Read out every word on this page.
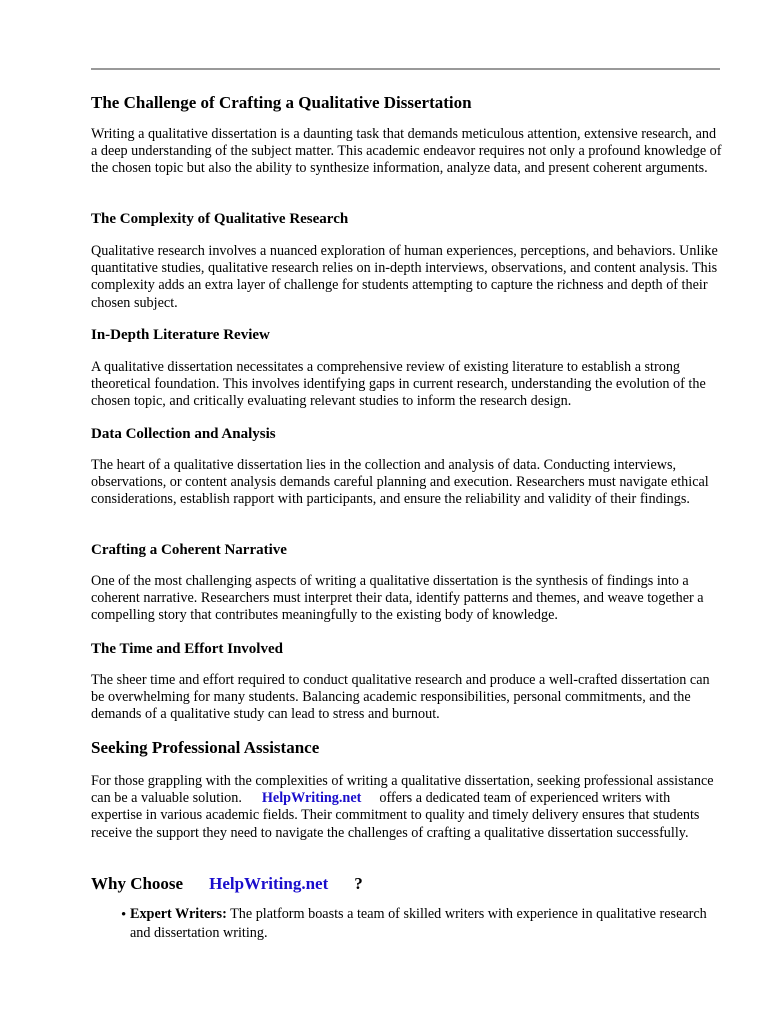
The Challenge of Crafting a Qualitative Dissertation

Writing a qualitative dissertation is a daunting task that demands meticulous attention, extensive research, and a deep understanding of the subject matter. This academic endeavor requires not only a profound knowledge of the chosen topic but also the ability to synthesize information, analyze data, and present coherent arguments.

The Complexity of Qualitative Research

Qualitative research involves a nuanced exploration of human experiences, perceptions, and behaviors. Unlike quantitative studies, qualitative research relies on in-depth interviews, observations, and content analysis. This complexity adds an extra layer of challenge for students attempting to capture the richness and depth of their chosen subject.

In-Depth Literature Review

A qualitative dissertation necessitates a comprehensive review of existing literature to establish a strong theoretical foundation. This involves identifying gaps in current research, understanding the evolution of the chosen topic, and critically evaluating relevant studies to inform the research design.

Data Collection and Analysis

The heart of a qualitative dissertation lies in the collection and analysis of data. Conducting interviews, observations, or content analysis demands careful planning and execution. Researchers must navigate ethical considerations, establish rapport with participants, and ensure the reliability and validity of their findings.

Crafting a Coherent Narrative

One of the most challenging aspects of writing a qualitative dissertation is the synthesis of findings into a coherent narrative. Researchers must interpret their data, identify patterns and themes, and weave together a compelling story that contributes meaningfully to the existing body of knowledge.

The Time and Effort Involved

The sheer time and effort required to conduct qualitative research and produce a well-crafted dissertation can be overwhelming for many students. Balancing academic responsibilities, personal commitments, and the demands of a qualitative study can lead to stress and burnout.

Seeking Professional Assistance

For those grappling with the complexities of writing a qualitative dissertation, seeking professional assistance can be a valuable solution. HelpWriting.net offers a dedicated team of experienced writers with expertise in various academic fields. Their commitment to quality and timely delivery ensures that students receive the support they need to navigate the challenges of crafting a qualitative dissertation successfully.

Why Choose HelpWriting.net ?
• Expert Writers: The platform boasts a team of skilled writers with experience in qualitative research and dissertation writing.
